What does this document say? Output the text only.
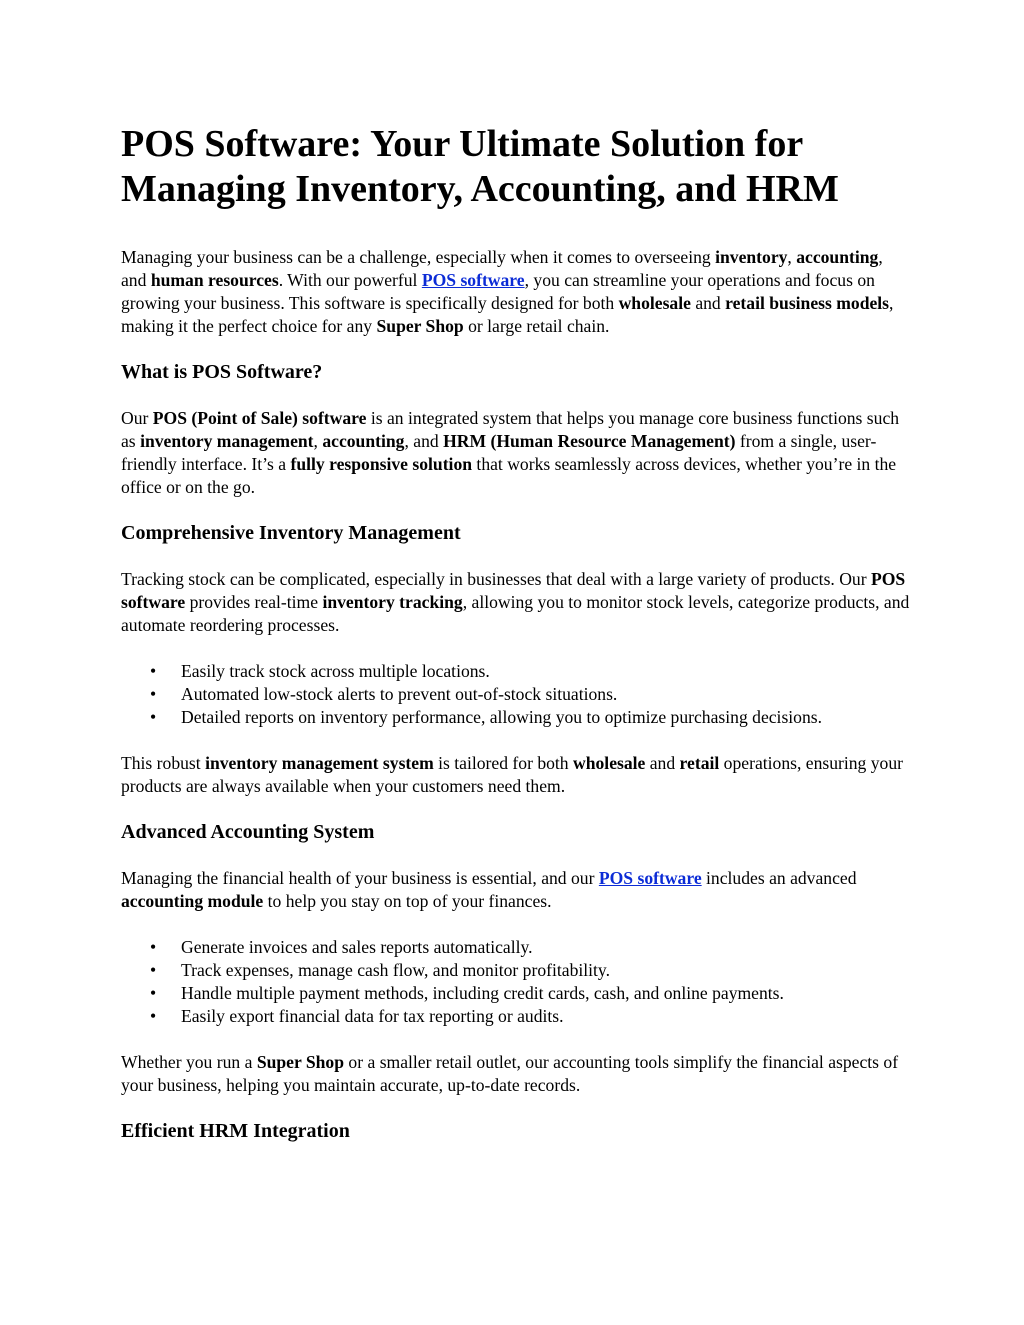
POS Software: Your Ultimate Solution for
Managing Inventory, Accounting, and HRM

Managing your business can be a challenge, especially when it comes to overseeing inventory, accounting, and human resources. With our powerful POS software, you can streamline your operations and focus on growing your business. This software is specifically designed for both wholesale and retail business models, making it the perfect choice for any Super Shop or large retail chain.

What is POS Software?

Our POS (Point of Sale) software is an integrated system that helps you manage core business functions such as inventory management, accounting, and HRM (Human Resource Management) from a single, user-friendly interface. It’s a fully responsive solution that works seamlessly across devices, whether you’re in the office or on the go.

Comprehensive Inventory Management

Tracking stock can be complicated, especially in businesses that deal with a large variety of products. Our POS software provides real-time inventory tracking, allowing you to monitor stock levels, categorize products, and automate reordering processes.

• Easily track stock across multiple locations.
• Automated low-stock alerts to prevent out-of-stock situations.
• Detailed reports on inventory performance, allowing you to optimize purchasing decisions.

This robust inventory management system is tailored for both wholesale and retail operations, ensuring your products are always available when your customers need them.

Advanced Accounting System

Managing the financial health of your business is essential, and our POS software includes an advanced accounting module to help you stay on top of your finances.

• Generate invoices and sales reports automatically.
• Track expenses, manage cash flow, and monitor profitability.
• Handle multiple payment methods, including credit cards, cash, and online payments.
• Easily export financial data for tax reporting or audits.

Whether you run a Super Shop or a smaller retail outlet, our accounting tools simplify the financial aspects of your business, helping you maintain accurate, up-to-date records.

Efficient HRM Integration
